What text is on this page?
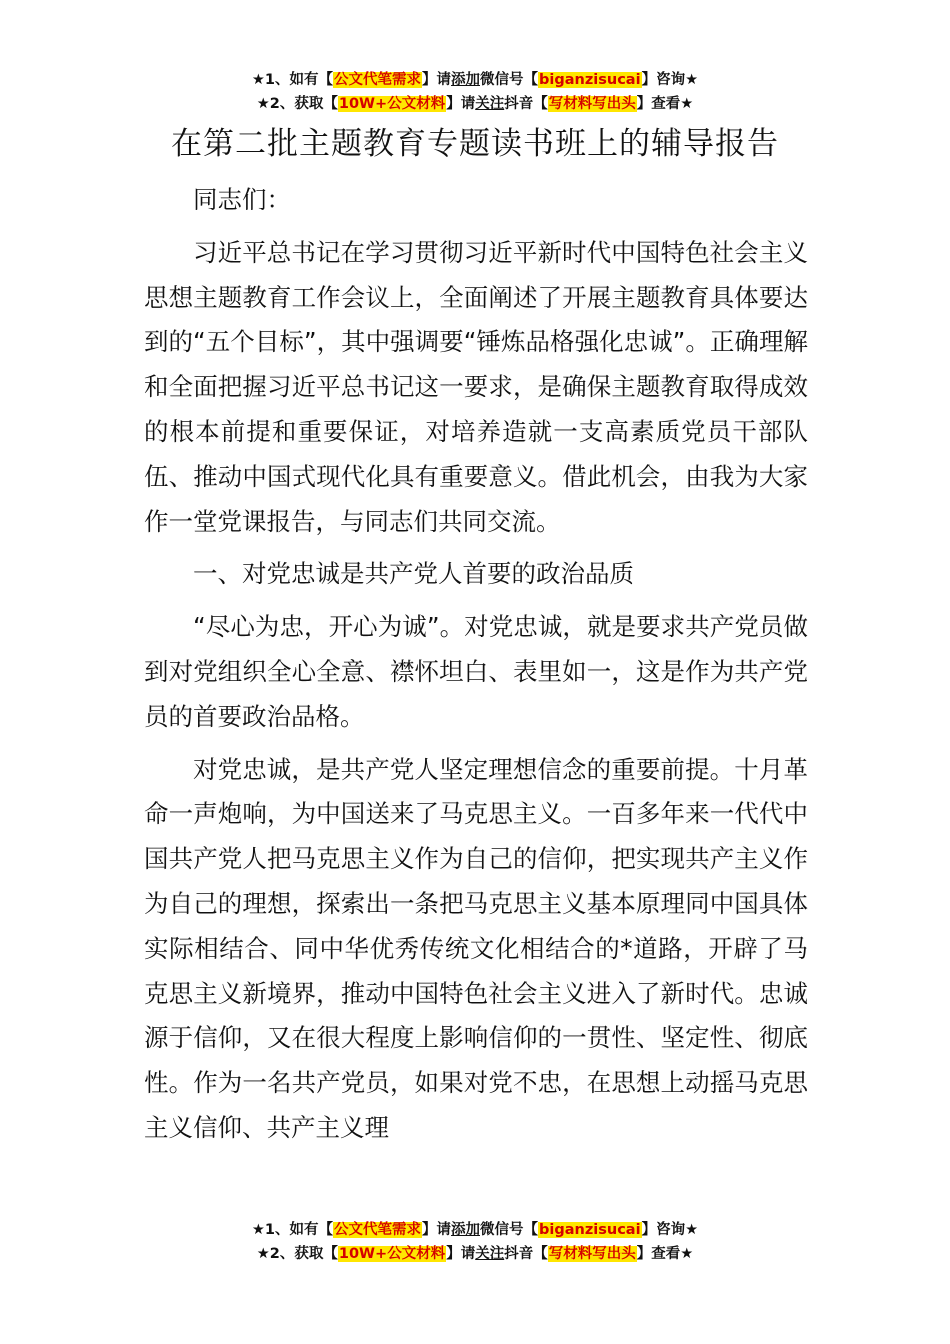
★1、如有【公文代笔需求】请添加微信号【biganzisucai】咨询★
★2、获取【10W+公文材料】请关注抖音【写材料写出头】查看★
在第二批主题教育专题读书班上的辅导报告

同志们：

习近平总书记在学习贯彻习近平新时代中国特色社会主义思想主题教育工作会议上，全面阐述了开展主题教育具体要达到的“五个目标”，其中强调要“锤炼品格强化忠诚”。正确理解和全面把握习近平总书记这一要求，是确保主题教育取得成效的根本前提和重要保证，对培养造就一支高素质党员干部队伍、推动中国式现代化具有重要意义。借此机会，由我为大家作一堂党课报告，与同志们共同交流。

一、对党忠诚是共产党人首要的政治品质

“尽心为忠，开心为诚”。对党忠诚，就是要求共产党员做到对党组织全心全意、襟怀坦白、表里如一，这是作为共产党员的首要政治品格。

对党忠诚，是共产党人坚定理想信念的重要前提。十月革命一声炮响，为中国送来了马克思主义。一百多年来一代代中国共产党人把马克思主义作为自己的信仰，把实现共产主义作为自己的理想，探索出一条把马克思主义基本原理同中国具体实际相结合、同中华优秀传统文化相结合的*道路，开辟了马克思主义新境界，推动中国特色社会主义进入了新时代。忠诚源于信仰，又在很大程度上影响信仰的一贯性、坚定性、彻底性。作为一名共产党员，如果对党不忠，在思想上动摇马克思主义信仰、共产主义理

★1、如有【公文代笔需求】请添加微信号【biganzisucai】咨询★
★2、获取【10W+公文材料】请关注抖音【写材料写出头】查看★
